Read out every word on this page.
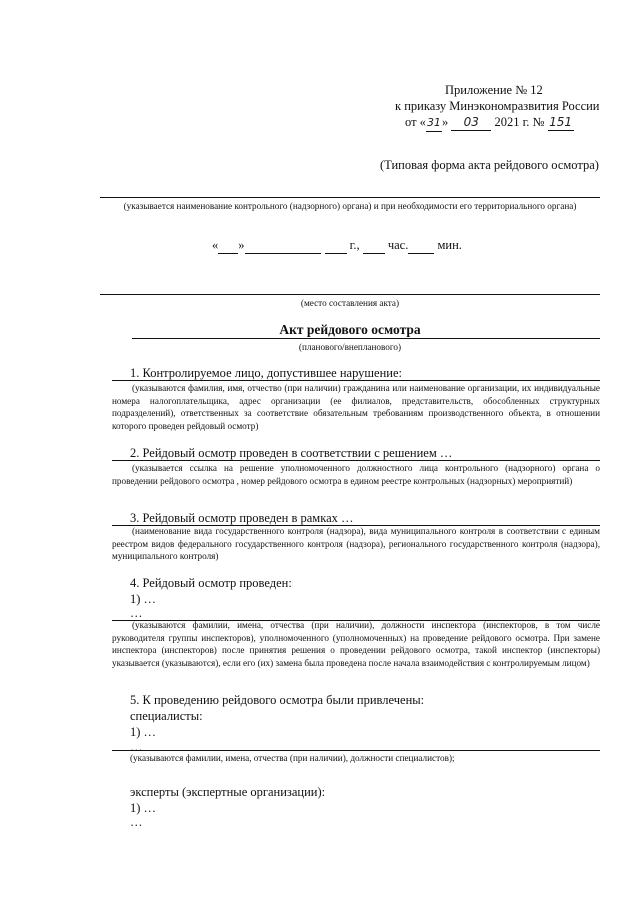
Приложение № 12
к приказу Минэкономразвития России
от «31» 03 2021 г. № 151
(Типовая форма акта рейдового осмотра)
(указывается наименование контрольного (надзорного) органа) и при необходимости его территориального органа)
« »	г., час. мин.
(место составления акта)
Акт рейдового осмотра
(планового/внепланового)
1. Контролируемое лицо, допустившее нарушение:
(указываются фамилия, имя, отчество (при наличии) гражданина или наименование организации, их индивидуальные номера налогоплательщика, адрес организации (ее филиалов, представительств, обособленных структурных подразделений), ответственных за соответствие обязательным требованиям производственного объекта, в отношении которого проведен рейдовый осмотр)
2. Рейдовый осмотр проведен в соответствии с решением …
(указывается ссылка на решение уполномоченного должностного лица контрольного (надзорного) органа о проведении рейдового осмотра , номер рейдового осмотра в едином реестре контрольных (надзорных) мероприятий)
3. Рейдовый осмотр проведен в рамках …
(наименование вида государственного контроля (надзора), вида муниципального контроля в соответствии с единым реестром видов федерального государственного контроля (надзора), регионального государственного контроля (надзора), муниципального контроля)
4. Рейдовый осмотр проведен:
1) …
…
(указываются фамилии, имена, отчества (при наличии), должности инспектора (инспекторов, в том числе руководителя группы инспекторов), уполномоченного (уполномоченных) на проведение рейдового осмотра. При замене инспектора (инспекторов) после принятия решения о проведении рейдового осмотра, такой инспектор (инспекторы) указывается (указываются), если его (их) замена была проведена после начала взаимодействия с контролируемым лицом)
5. К проведению рейдового осмотра были привлечены:
специалисты:
1) …
…
(указываются фамилии, имена, отчества (при наличии), должности специалистов);
эксперты (экспертные организации):
1) …
…
